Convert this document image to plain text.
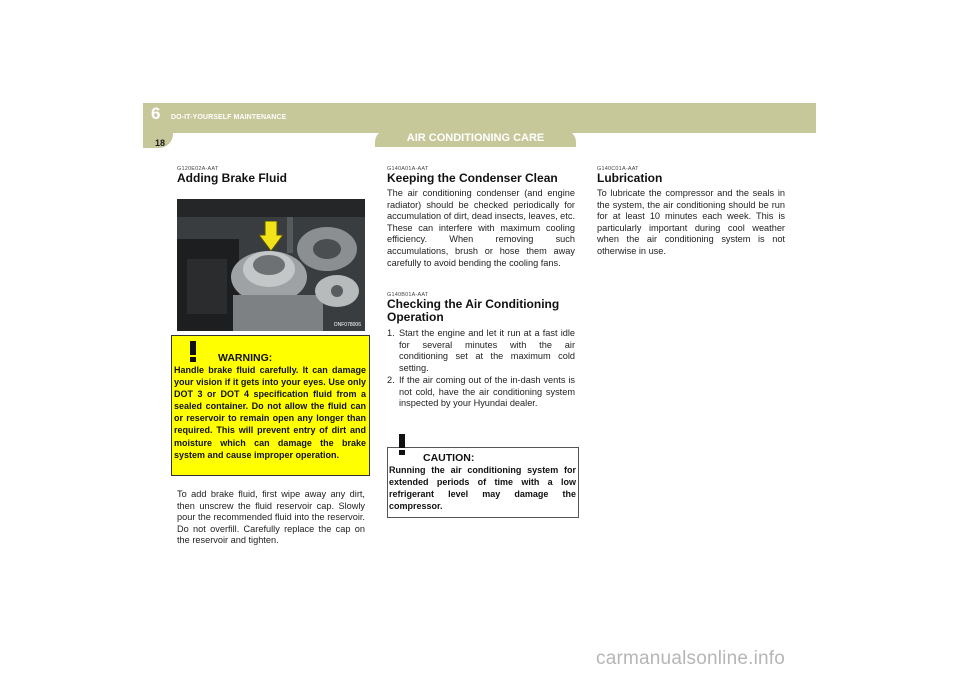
6 DO-IT-YOURSELF MAINTENANCE
18	AIR CONDITIONING CARE
G120E02A-AAT
Adding Brake Fluid
ONF078006
WARNING:
Handle brake fluid carefully. It can damage your vision if it gets into your eyes. Use only DOT 3 or DOT 4 specification fluid from a sealed container. Do not allow the fluid can or reservoir to remain open any longer than required. This will prevent entry of dirt and moisture which can damage the brake system and cause improper operation.
To add brake fluid, first wipe away any dirt, then unscrew the fluid reservoir cap. Slowly pour the recommended fluid into the reservoir. Do not overfill. Carefully replace the cap on the reservoir and tighten.
G140A01A-AAT
Keeping the Condenser Clean
The air conditioning condenser (and engine radiator) should be checked periodically for accumulation of dirt, dead insects, leaves, etc. These can interfere with maximum cooling efficiency. When removing such accumulations, brush or hose them away carefully to avoid bending the cooling fans.
G140B01A-AAT
Checking the Air Conditioning Operation
1. Start the engine and let it run at a fast idle for several minutes with the air conditioning set at the maximum cold setting.
2. If the air coming out of the in-dash vents is not cold, have the air conditioning system inspected by your Hyundai dealer.
CAUTION:
Running the air conditioning system for extended periods of time with a low refrigerant level may damage the compressor.
G140C01A-AAT
Lubrication
To lubricate the compressor and the seals in the system, the air conditioning should be run for at least 10 minutes each week. This is particularly important during cool weather when the air conditioning system is not otherwise in use.
carmanualsonline.info
